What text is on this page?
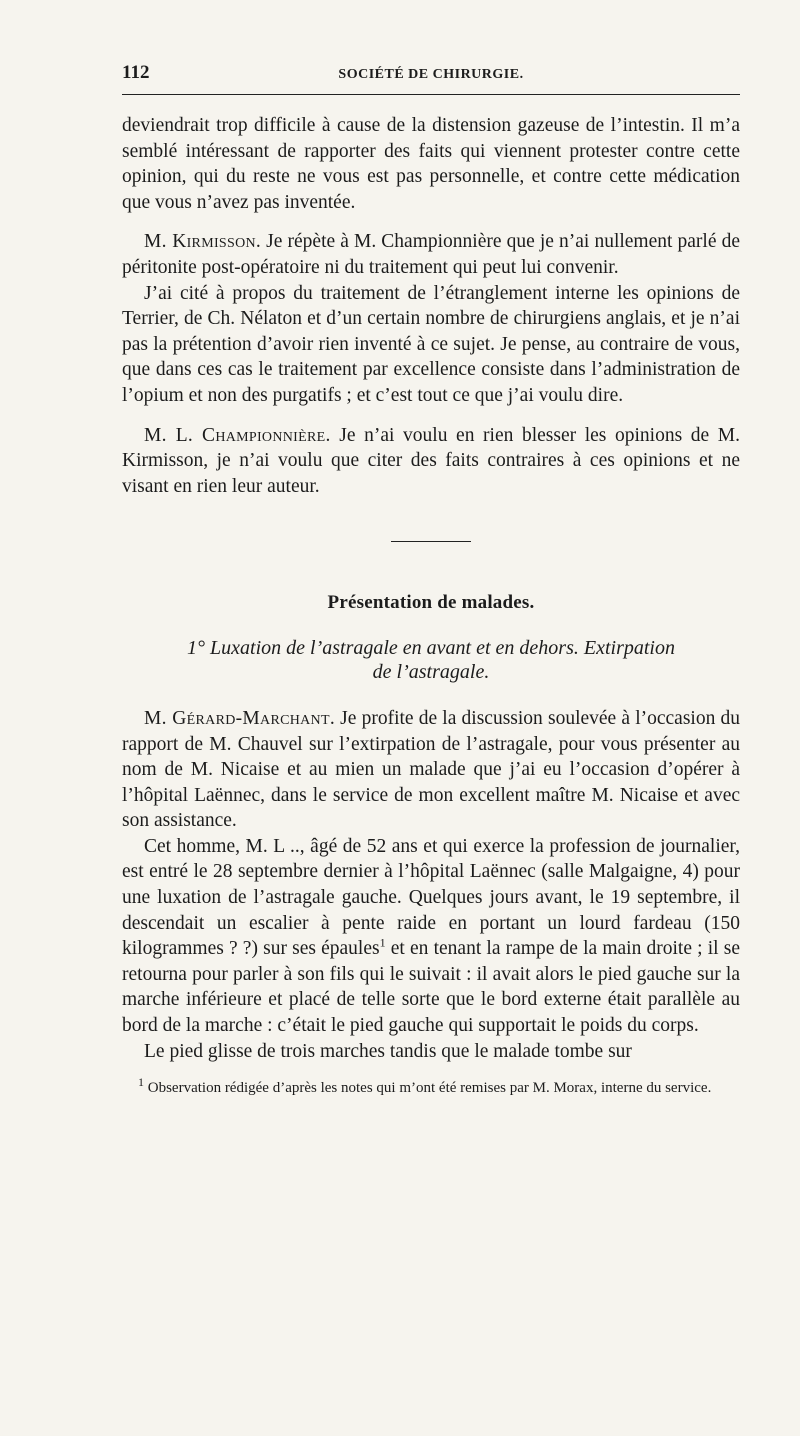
112	SOCIÉTÉ DE CHIRURGIE.

deviendrait trop difficile à cause de la distension gazeuse de l’intestin. Il m’a semblé intéressant de rapporter des faits qui viennent protester contre cette opinion, qui du reste ne vous est pas personnelle, et contre cette médication que vous n’avez pas inventée.

M. Kirmisson. Je répète à M. Championnière que je n’ai nullement parlé de péritonite post-opératoire ni du traitement qui peut lui convenir.

J’ai cité à propos du traitement de l’étranglement interne les opinions de Terrier, de Ch. Nélaton et d’un certain nombre de chirurgiens anglais, et je n’ai pas la prétention d’avoir rien inventé à ce sujet. Je pense, au contraire de vous, que dans ces cas le traitement par excellence consiste dans l’administration de l’opium et non des purgatifs ; et c’est tout ce que j’ai voulu dire.

M. L. Championnière. Je n’ai voulu en rien blesser les opinions de M. Kirmisson, je n’ai voulu que citer des faits contraires à ces opinions et ne visant en rien leur auteur.

Présentation de malades.
1° Luxation de l’astragale en avant et en dehors. Extirpation
de l’astragale.

M. Gérard-Marchant. Je profite de la discussion soulevée à l’occasion du rapport de M. Chauvel sur l’extirpation de l’astragale, pour vous présenter au nom de M. Nicaise et au mien un malade que j’ai eu l’occasion d’opérer à l’hôpital Laënnec, dans le service de mon excellent maître M. Nicaise et avec son assistance.

Cet homme, M. L .., âgé de 52 ans et qui exerce la profession de journalier, est entré le 28 septembre dernier à l’hôpital Laënnec (salle Malgaigne, 4) pour une luxation de l’astragale gauche. Quelques jours avant, le 19 septembre, il descendait un escalier à pente raide en portant un lourd fardeau (150 kilogrammes ? ?) sur ses épaules$^1$ et en tenant la rampe de la main droite ; il se retourna pour parler à son fils qui le suivait : il avait alors le pied gauche sur la marche inférieure et placé de telle sorte que le bord externe était parallèle au bord de la marche : c’était le pied gauche qui supportait le poids du corps.

Le pied glisse de trois marches tandis que le malade tombe sur

$^1$ Observation rédigée d’après les notes qui m’ont été remises par M. Morax, interne du service.
